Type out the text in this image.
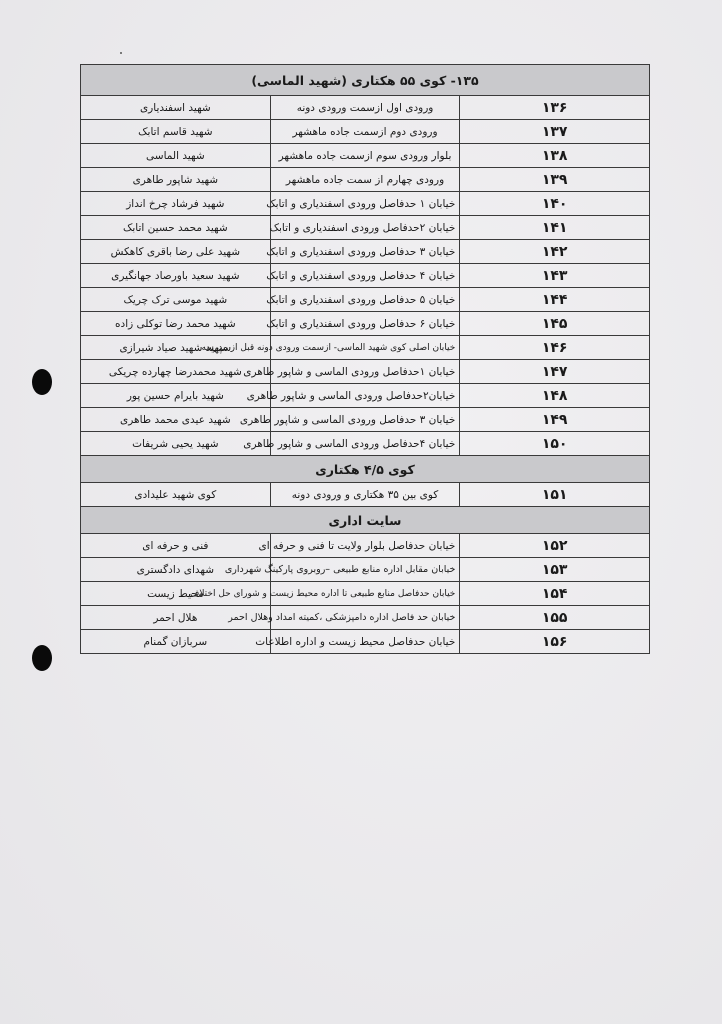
۱۳۵- کوی ۵۵ هکتاری (شهید الماسی)		
۱۳۶	ورودی اول ازسمت ورودی دونه	شهید اسفندیاری
۱۳۷	ورودی دوم ازسمت جاده ماهشهر	شهید قاسم اتابک
۱۳۸	بلوار ورودی سوم ازسمت جاده ماهشهر	شهید الماسی
۱۳۹	ورودی چهارم از سمت جاده ماهشهر	شهید شاپور طاهری
۱۴۰	خیابان ۱ حدفاصل ورودی اسفندیاری و اتابک	شهید فرشاد چرخ انداز
۱۴۱	خیابان ۲حدفاصل ورودی اسفندیاری و اتابک	شهید محمد حسین اتابک
۱۴۲	خیابان ۳ حدفاصل ورودی اسفندیاری و اتابک	شهید علی رضا باقری کاهکش
۱۴۳	خیابان ۴ حدفاصل ورودی اسفندیاری و اتابک	شهید سعید باورصاد جهانگیری
۱۴۴	خیابان ۵ حدفاصل ورودی اسفندیاری و اتابک	شهید موسی ترک چریک
۱۴۵	خیابان ۶ حدفاصل ورودی اسفندیاری و اتابک	شهید محمد رضا توکلی زاده
۱۴۶	خیابان اصلی کوی شهید الماسی- ازسمت ورودی دونه قبل از مدرسه	سپهید شهید صیاد شیرازی
۱۴۷	خیابان ۱حدفاصل ورودی الماسی و شاپور طاهری	شهید محمدرضا چهارده چریکی
۱۴۸	خیابان۲حدفاصل ورودی الماسی و شاپور طاهری	شهید بایرام حسین پور
۱۴۹	خیابان ۳ حدفاصل ورودی الماسی و شاپور طاهری	شهید عیدی محمد طاهری
۱۵۰	خیابان ۴حدفاصل ورودی الماسی و شاپور طاهری	شهید یحیی شریفات
کوی ۴/۵ هکتاری		
۱۵۱	کوی بین ۳۵ هکتاری و ورودی دونه	کوی شهید علیدادی
سایت اداری		
۱۵۲	خیابان حدفاصل بلوار ولایت تا فنی و حرفه ای	فنی و حرفه ای
۱۵۳	خیابان مقابل اداره منابع طبیعی –روبروی پارکینگ شهرداری	شهدای دادگستری
۱۵۴	خیابان حدفاصل منابع طبیعی تا اداره محیط زیست و شورای حل اختلاف	محیط زیست
۱۵۵	خیابان حد فاصل اداره دامپزشکی ،کمیته امداد وهلال احمر	هلال احمر
۱۵۶	خیابان حدفاصل محیط زیست و اداره اطلاعات	سربازان گمنام
